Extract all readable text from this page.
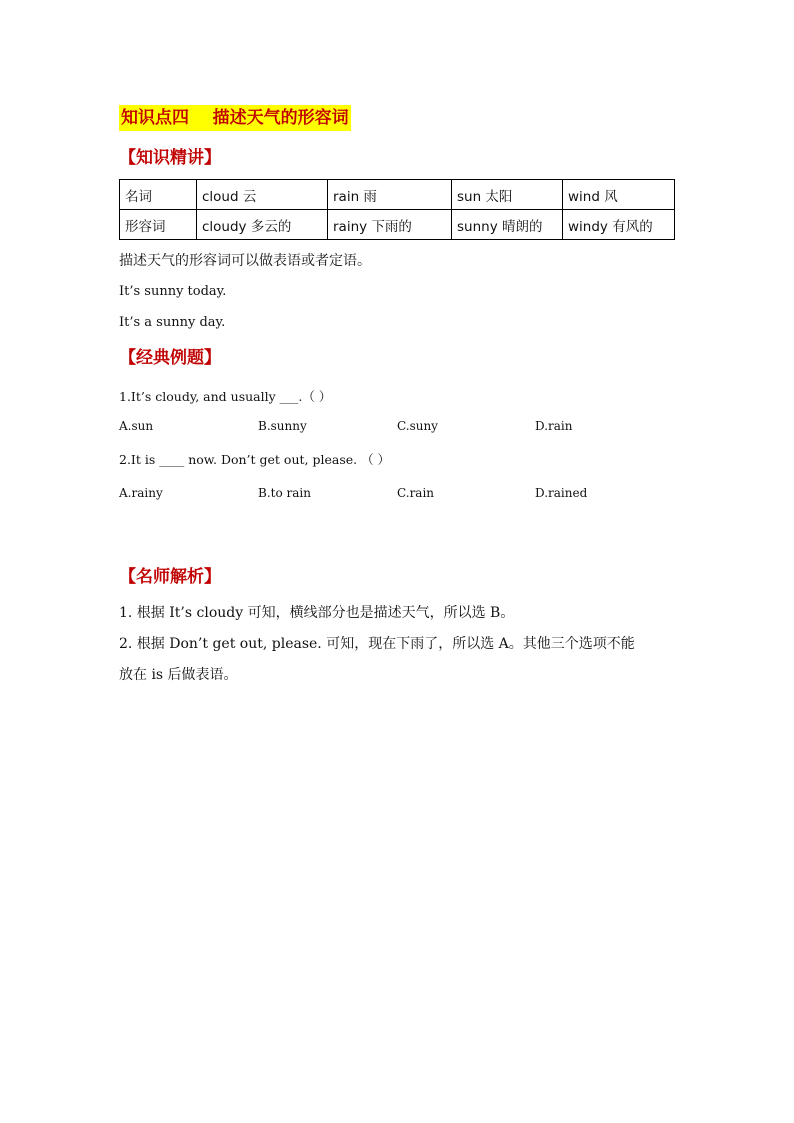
知识点四    描述天气的形容词
【知识精讲】
名词	cloud 云	rain 雨	sun 太阳	wind 风
形容词	cloudy 多云的	rainy 下雨的	sunny 晴朗的	windy 有风的
描述天气的形容词可以做表语或者定语。
It’s sunny today.
It’s a sunny day.
【经典例题】
1.It’s cloudy, and usually ___.（ ）
A.sun	B.sunny	C.suny	D.rain
2.It is ____ now. Don’t get out, please. （ ）
A.rainy	B.to rain	C.rain	D.rained
【名师解析】
1. 根据 It’s cloudy 可知，横线部分也是描述天气，所以选 B。
2. 根据 Don’t get out, please. 可知，现在下雨了，所以选 A。其他三个选项不能
放在 is 后做表语。
